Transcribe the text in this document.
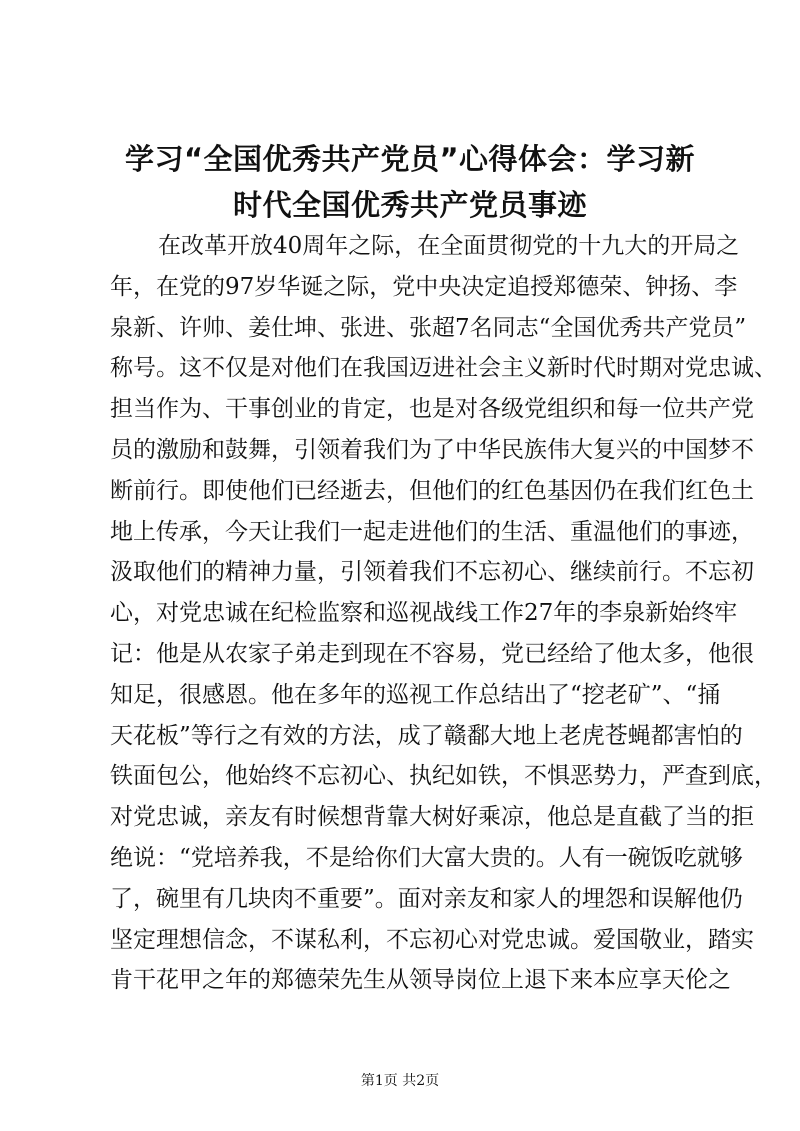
学习“全国优秀共产党员”心得体会：学习新
时代全国优秀共产党员事迹
在改革开放40周年之际，在全面贯彻党的十九大的开局之
年，在党的97岁华诞之际，党中央决定追授郑德荣、钟扬、李
泉新、许帅、姜仕坤、张进、张超7名同志“全国优秀共产党员”
称号。这不仅是对他们在我国迈进社会主义新时代时期对党忠诚、
担当作为、干事创业的肯定，也是对各级党组织和每一位共产党
员的激励和鼓舞，引领着我们为了中华民族伟大复兴的中国梦不
断前行。即使他们已经逝去，但他们的红色基因仍在我们红色土
地上传承，今天让我们一起走进他们的生活、重温他们的事迹，
汲取他们的精神力量，引领着我们不忘初心、继续前行。不忘初
心，对党忠诚在纪检监察和巡视战线工作27年的李泉新始终牢
记：他是从农家子弟走到现在不容易，党已经给了他太多，他很
知足，很感恩。他在多年的巡视工作总结出了“挖老矿”、“捅
天花板”等行之有效的方法，成了赣鄱大地上老虎苍蝇都害怕的
铁面包公，他始终不忘初心、执纪如铁，不惧恶势力，严查到底，
对党忠诚，亲友有时候想背靠大树好乘凉，他总是直截了当的拒
绝说：“党培养我，不是给你们大富大贵的。人有一碗饭吃就够
了，碗里有几块肉不重要”。面对亲友和家人的埋怨和误解他仍
坚定理想信念，不谋私利，不忘初心对党忠诚。爱国敬业，踏实
肯干花甲之年的郑德荣先生从领导岗位上退下来本应享天伦之
第1页 共2页
